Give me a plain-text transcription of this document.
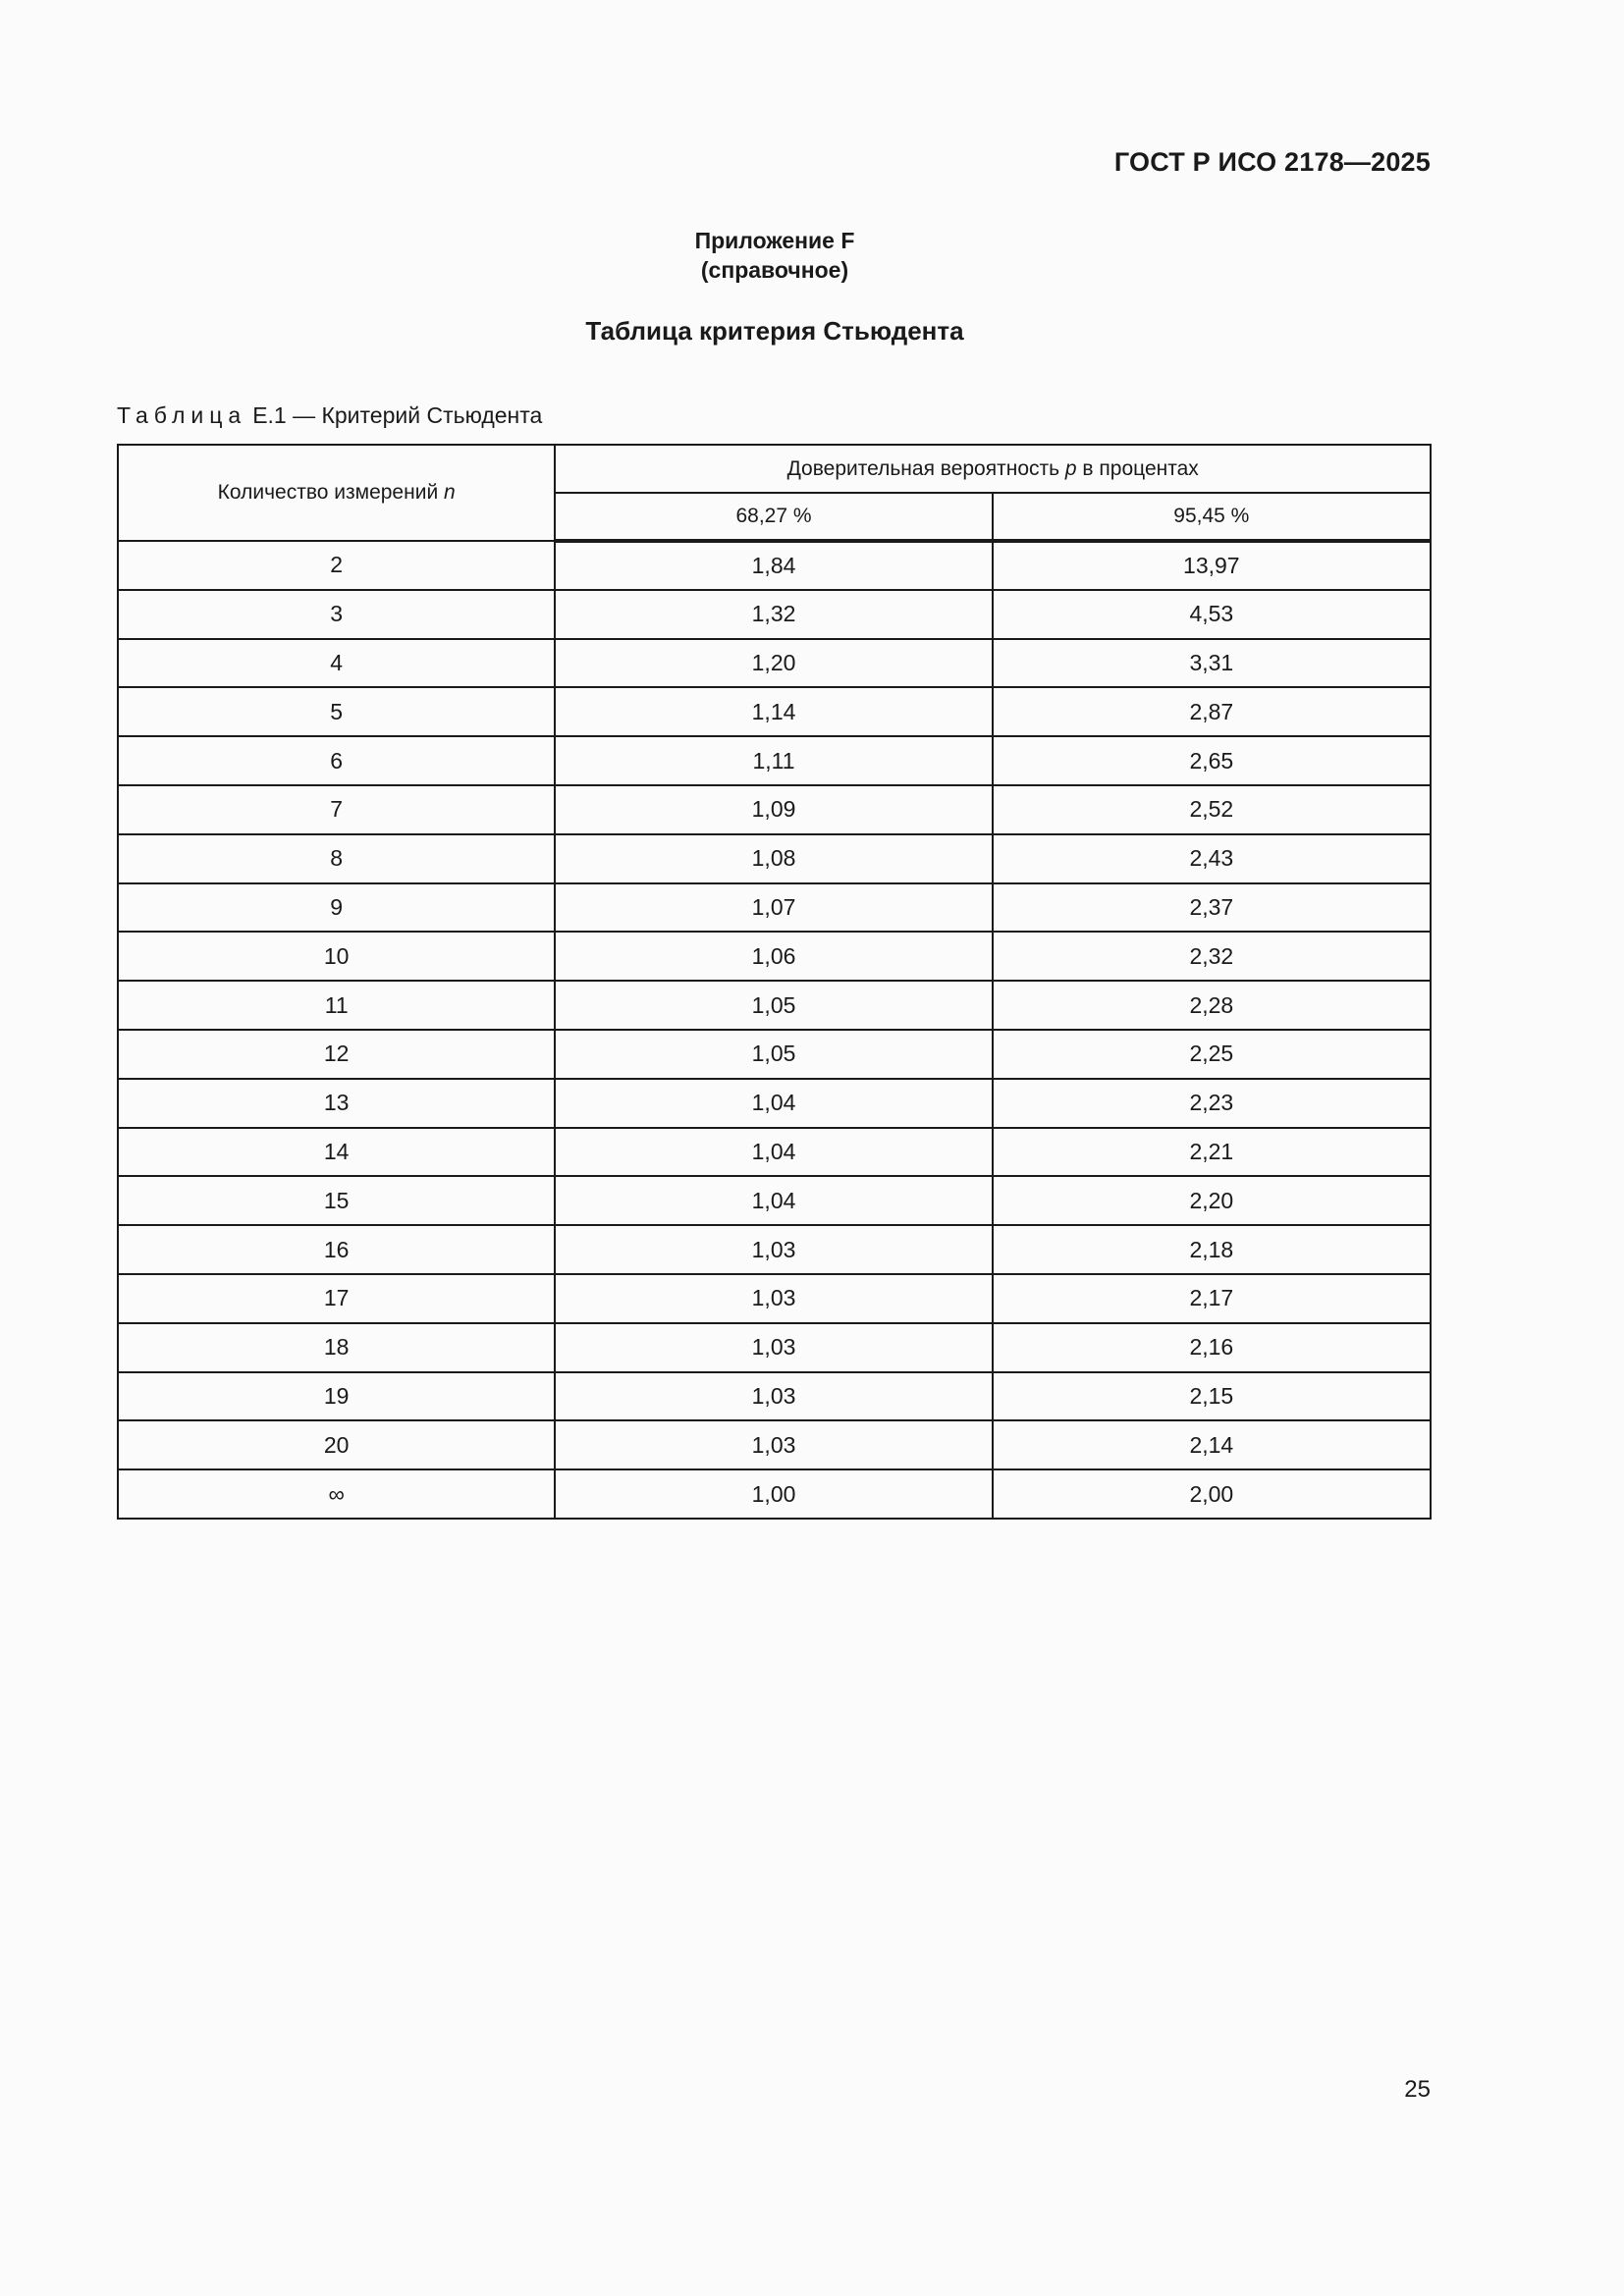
ГОСТ Р ИСО 2178—2025
Приложение F
(справочное)
Таблица критерия Стьюдента
Таблица Е.1 — Критерий Стьюдента
Количество измерений n	Доверительная вероятность p в процентах	
	68,27 %	95,45 %
2	1,84	13,97
3	1,32	4,53
4	1,20	3,31
5	1,14	2,87
6	1,11	2,65
7	1,09	2,52
8	1,08	2,43
9	1,07	2,37
10	1,06	2,32
11	1,05	2,28
12	1,05	2,25
13	1,04	2,23
14	1,04	2,21
15	1,04	2,20
16	1,03	2,18
17	1,03	2,17
18	1,03	2,16
19	1,03	2,15
20	1,03	2,14
∞	1,00	2,00
25
